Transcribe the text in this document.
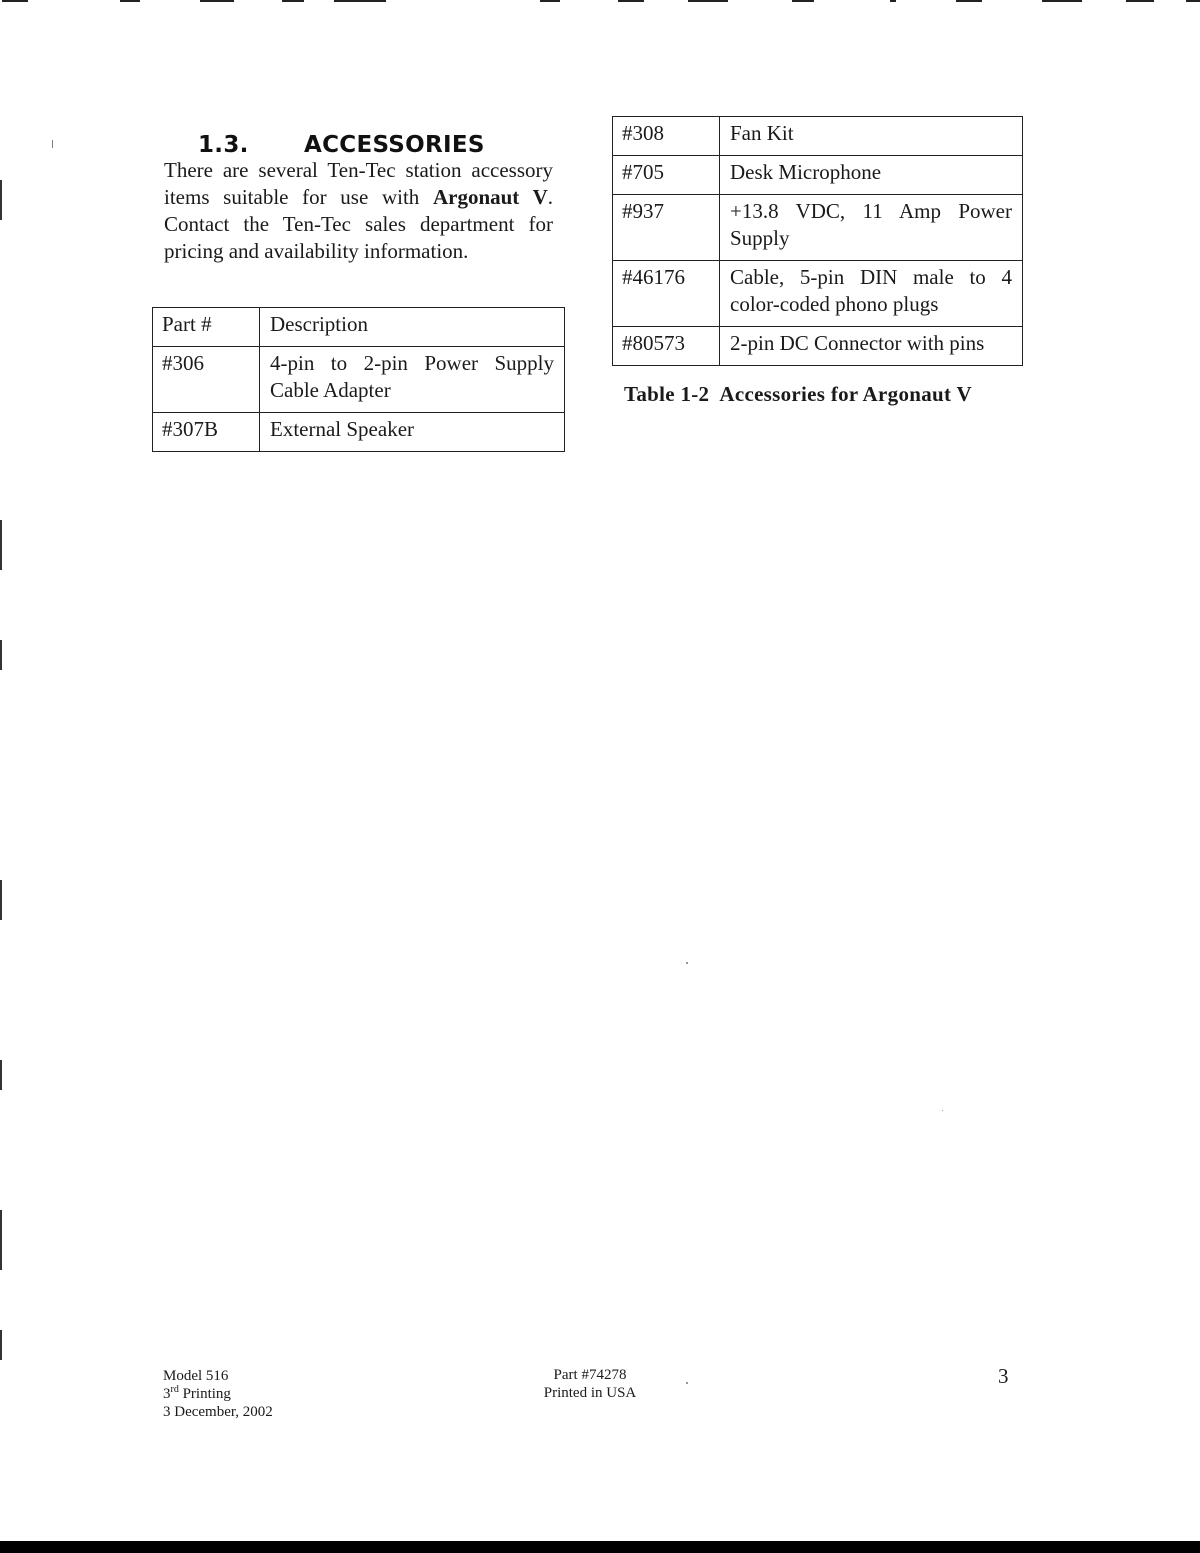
1.3. ACCESSORIES

There are several Ten-Tec station accessory items suitable for use with Argonaut V. Contact the Ten-Tec sales department for pricing and availability information.

Part #	Description
#306	4-pin to 2-pin Power Supply Cable Adapter
#307B	External Speaker
#308	Fan Kit
#705	Desk Microphone
#937	+13.8 VDC, 11 Amp Power Supply
#46176	Cable, 5-pin DIN male to 4 color-coded phono plugs
#80573	2-pin DC Connector with pins

Table 1-2 Accessories for Argonaut V

Model 516
3rd Printing
3 December, 2002
Part #74278
Printed in USA
3
